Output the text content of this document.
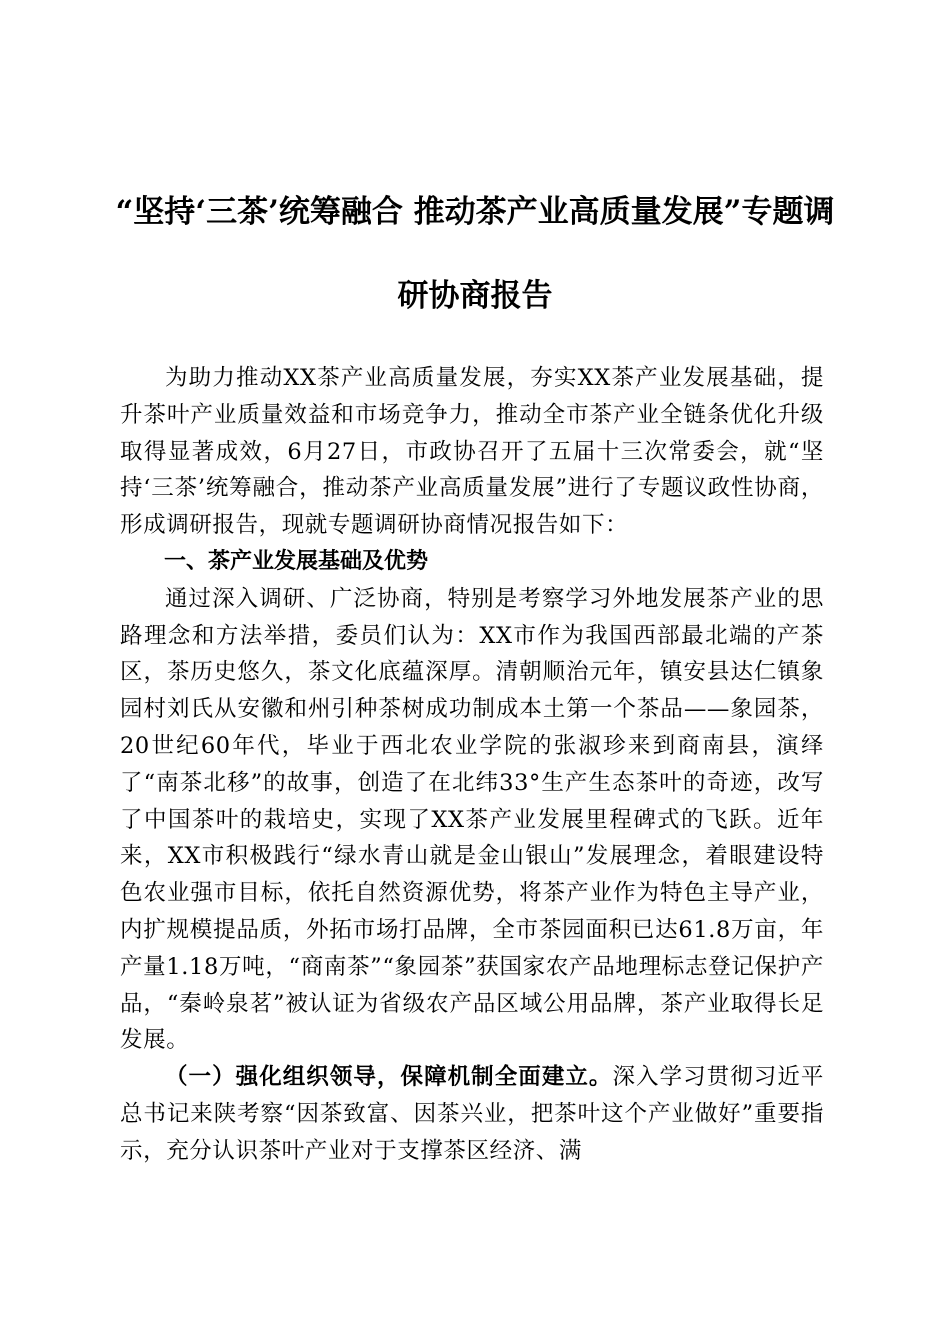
“坚持‘三茶’统筹融合 推动茶产业高质量发展”专题调研协商报告

为助力推动XX茶产业高质量发展，夯实XX茶产业发展基础，提升茶叶产业质量效益和市场竞争力，推动全市茶产业全链条优化升级取得显著成效，6月27日，市政协召开了五届十三次常委会，就“坚持‘三茶’统筹融合，推动茶产业高质量发展”进行了专题议政性协商，形成调研报告，现就专题调研协商情况报告如下：

一、茶产业发展基础及优势

通过深入调研、广泛协商，特别是考察学习外地发展茶产业的思路理念和方法举措，委员们认为：XX市作为我国西部最北端的产茶区，茶历史悠久，茶文化底蕴深厚。清朝顺治元年，镇安县达仁镇象园村刘氏从安徽和州引种茶树成功制成本土第一个茶品——象园茶，20世纪60年代，毕业于西北农业学院的张淑珍来到商南县，演绎了“南茶北移”的故事，创造了在北纬33°生产生态茶叶的奇迹，改写了中国茶叶的栽培史，实现了XX茶产业发展里程碑式的飞跃。近年来，XX市积极践行“绿水青山就是金山银山”发展理念，着眼建设特色农业强市目标，依托自然资源优势，将茶产业作为特色主导产业，内扩规模提品质，外拓市场打品牌，全市茶园面积已达61.8万亩，年产量1.18万吨，“商南茶”“象园茶”获国家农产品地理标志登记保护产品，“秦岭泉茗”被认证为省级农产品区域公用品牌，茶产业取得长足发展。

（一）强化组织领导，保障机制全面建立。深入学习贯彻习近平总书记来陕考察“因茶致富、因茶兴业，把茶叶这个产业做好”重要指示，充分认识茶叶产业对于支撑茶区经济、满
